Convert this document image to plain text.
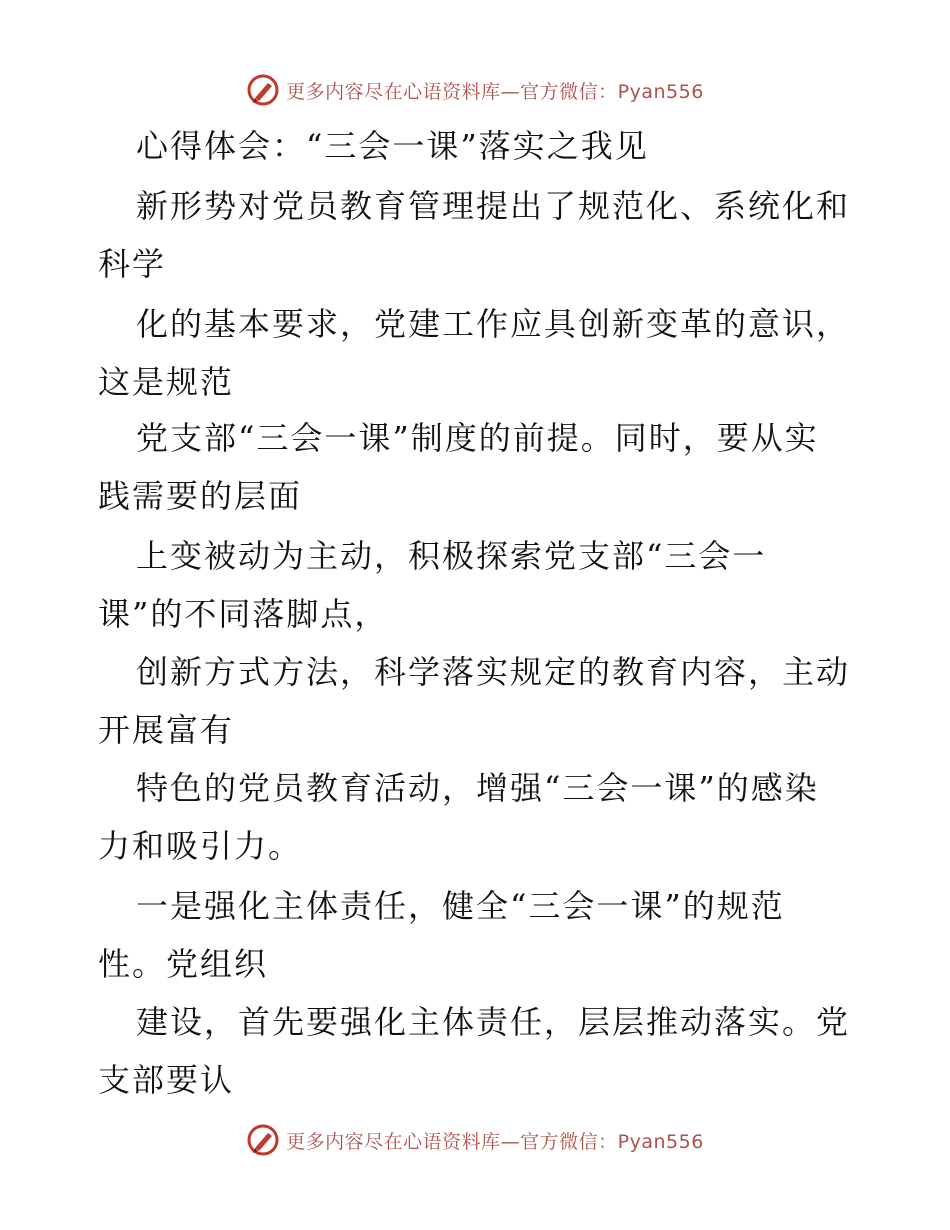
更多内容尽在心语资料库—官方微信：Pyan556
心得体会：“三会一课”落实之我见
新形势对党员教育管理提出了规范化、系统化和
科学
化的基本要求，党建工作应具创新变革的意识，
这是规范
党支部“三会一课”制度的前提。同时，要从实
践需要的层面
上变被动为主动，积极探索党支部“三会一
课”的不同落脚点，
创新方式方法，科学落实规定的教育内容，主动
开展富有
特色的党员教育活动，增强“三会一课”的感染
力和吸引力。
一是强化主体责任，健全“三会一课”的规范
性。党组织
建设，首先要强化主体责任，层层推动落实。党
支部要认
更多内容尽在心语资料库—官方微信：Pyan556
